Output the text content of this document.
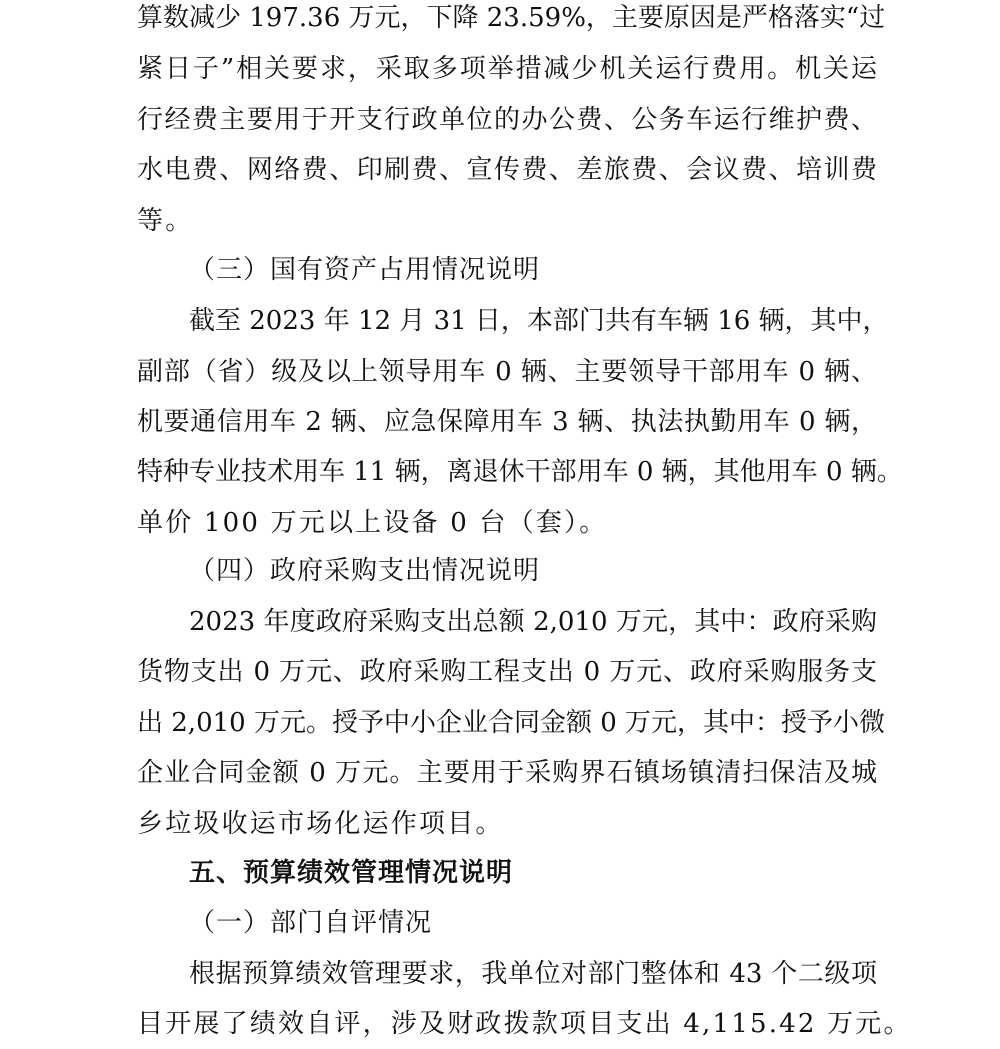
算数减少 197.36 万元，下降 23.59%，主要原因是严格落实“过
紧日子”相关要求，采取多项举措减少机关运行费用。机关运
行经费主要用于开支行政单位的办公费、公务车运行维护费、
水电费、网络费、印刷费、宣传费、差旅费、会议费、培训费
等。
（三）国有资产占用情况说明
截至 2023 年 12 月 31 日，本部门共有车辆 16 辆，其中，
副部（省）级及以上领导用车 0 辆、主要领导干部用车 0 辆、
机要通信用车 2 辆、应急保障用车 3 辆、执法执勤用车 0 辆，
特种专业技术用车 11 辆，离退休干部用车 0 辆，其他用车 0 辆。
单价 100 万元以上设备 0 台（套）。
（四）政府采购支出情况说明
2023 年度政府采购支出总额 2,010 万元，其中：政府采购
货物支出 0 万元、政府采购工程支出 0 万元、政府采购服务支
出 2,010 万元。授予中小企业合同金额 0 万元，其中：授予小微
企业合同金额 0 万元。主要用于采购界石镇场镇清扫保洁及城
乡垃圾收运市场化运作项目。
五、预算绩效管理情况说明
（一）部门自评情况
根据预算绩效管理要求，我单位对部门整体和 43 个二级项
目开展了绩效自评，涉及财政拨款项目支出 4,115.42 万元。
